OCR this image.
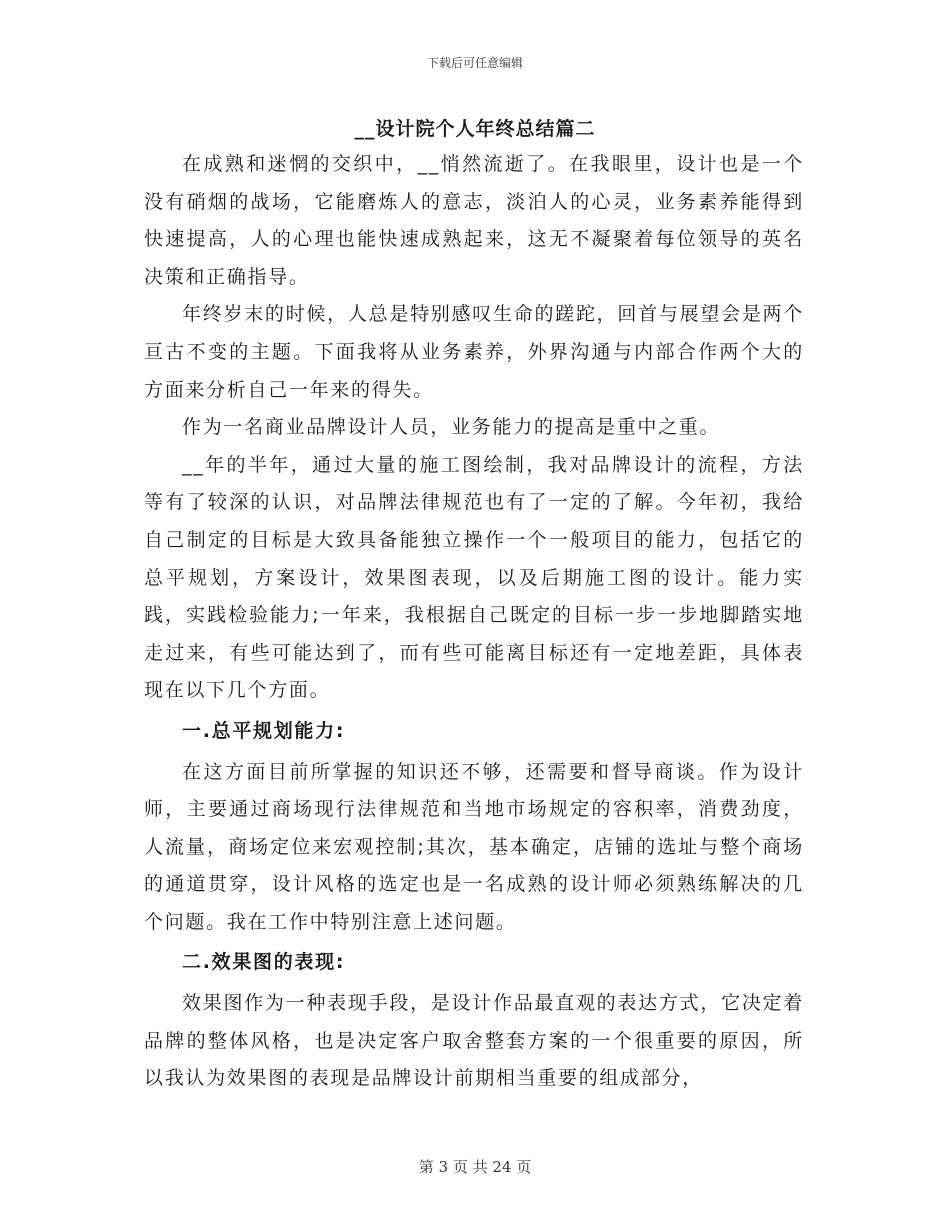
下载后可任意编辑
__设计院个人年终总结篇二

在成熟和迷惘的交织中，__悄然流逝了。在我眼里，设计也是一个没有硝烟的战场，它能磨炼人的意志，淡泊人的心灵，业务素养能得到快速提高，人的心理也能快速成熟起来，这无不凝聚着每位领导的英名决策和正确指导。

年终岁末的时候，人总是特别感叹生命的蹉跎，回首与展望会是两个亘古不变的主题。下面我将从业务素养，外界沟通与内部合作两个大的方面来分析自己一年来的得失。

作为一名商业品牌设计人员，业务能力的提高是重中之重。

__年的半年，通过大量的施工图绘制，我对品牌设计的流程，方法等有了较深的认识，对品牌法律规范也有了一定的了解。今年初，我给自己制定的目标是大致具备能独立操作一个一般项目的能力，包括它的总平规划，方案设计，效果图表现，以及后期施工图的设计。能力实践，实践检验能力;一年来，我根据自己既定的目标一步一步地脚踏实地走过来，有些可能达到了，而有些可能离目标还有一定地差距，具体表现在以下几个方面。

一.总平规划能力:

在这方面目前所掌握的知识还不够，还需要和督导商谈。作为设计师，主要通过商场现行法律规范和当地市场规定的容积率，消费劲度，人流量，商场定位来宏观控制;其次，基本确定，店铺的选址与整个商场的通道贯穿，设计风格的选定也是一名成熟的设计师必须熟练解决的几个问题。我在工作中特别注意上述问题。

二.效果图的表现:

效果图作为一种表现手段，是设计作品最直观的表达方式，它决定着品牌的整体风格，也是决定客户取舍整套方案的一个很重要的原因，所以我认为效果图的表现是品牌设计前期相当重要的组成部分，

第 3 页 共 24 页
